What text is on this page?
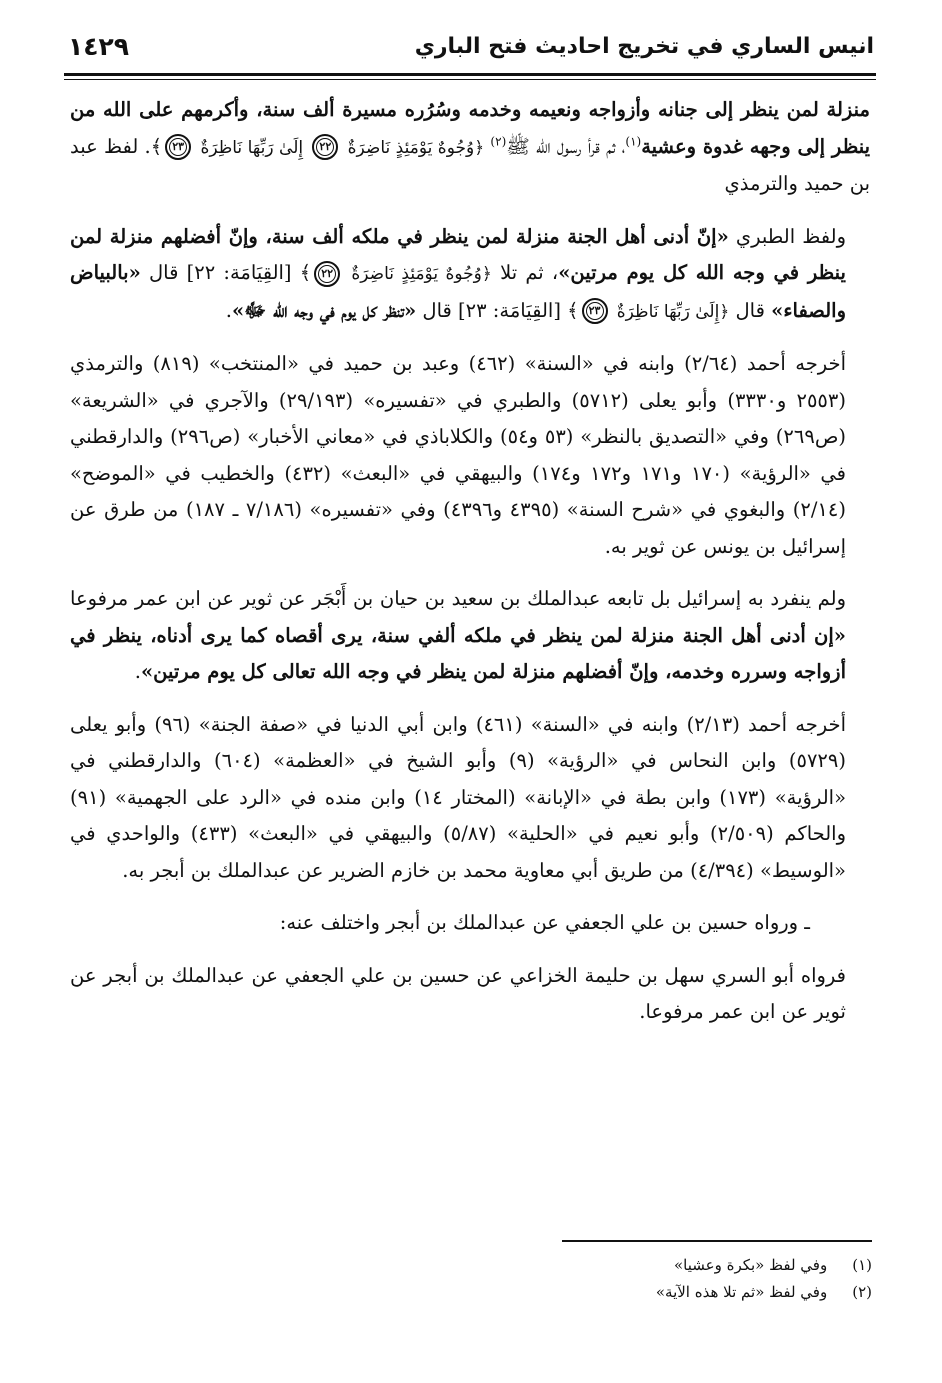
انيس الساري في تخريج احاديث فتح الباري
١٤٢٩

منزلة لمن ينظر إلى جنانه وأزواجه ونعيمه وخدمه وسُرُره مسيرة ألف سنة، وأكرمهم على الله من ينظر إلى وجهه غدوة وعشية$^{(١)}$، ثم قرأ رسول الله ﷺ$^{(٢)}$ ﴿وُجُوهٌ يَوْمَئِذٍ نَاضِرَةٌ ٢٢ إِلَىٰ رَبِّهَا نَاظِرَةٌ ٢٣﴾. لفظ عبد بن حميد والترمذي

ولفظ الطبري «إنّ أدنى أهل الجنة منزلة لمن ينظر في ملكه ألف سنة، وإنّ أفضلهم منزلة لمن ينظر في وجه الله كل يوم مرتين»، ثم تلا ﴿وُجُوهٌ يَوْمَئِذٍ نَاضِرَةٌ ٢٢﴾ [القِيَامَة: ٢٢] قال «بالبياض والصفاء» قال ﴿إِلَىٰ رَبِّهَا نَاظِرَةٌ ٢٣﴾ [القِيَامَة: ٢٣] قال «تنظر كل يوم في وجه الله ﷻ».

أخرجه أحمد (٢/٦٤) وابنه في «السنة» (٤٦٢) وعبد بن حميد في «المنتخب» (٨١٩) والترمذي (٢٥٥٣ و٣٣٣٠) وأبو يعلى (٥٧١٢) والطبري في «تفسيره» (٢٩/١٩٣) والآجري في «الشريعة» (ص٢٦٩) وفي «التصديق بالنظر» (٥٣ و٥٤) والكلاباذي في «معاني الأخبار» (ص٢٩٦) والدارقطني في «الرؤية» (١٧٠ و١٧١ و١٧٢ و١٧٤) والبيهقي في «البعث» (٤٣٢) والخطيب في «الموضح» (٢/١٤) والبغوي في «شرح السنة» (٤٣٩٥ و٤٣٩٦) وفي «تفسيره» (٧/١٨٦ ـ ١٨٧) من طرق عن إسرائيل بن يونس عن ثوير به.

ولم ينفرد به إسرائيل بل تابعه عبدالملك بن سعيد بن حيان بن أَبْجَر عن ثوير عن ابن عمر مرفوعا «إن أدنى أهل الجنة منزلة لمن ينظر في ملكه ألفي سنة، يرى أقصاه كما يرى أدناه، ينظر في أزواجه وسرره وخدمه، وإنّ أفضلهم منزلة لمن ينظر في وجه الله تعالى كل يوم مرتين».

أخرجه أحمد (٢/١٣) وابنه في «السنة» (٤٦١) وابن أبي الدنيا في «صفة الجنة» (٩٦) وأبو يعلى (٥٧٢٩) وابن النحاس في «الرؤية» (٩) وأبو الشيخ في «العظمة» (٦٠٤) والدارقطني في «الرؤية» (١٧٣) وابن بطة في «الإبانة» (المختار ١٤) وابن منده في «الرد على الجهمية» (٩١) والحاكم (٢/٥٠٩) وأبو نعيم في «الحلية» (٥/٨٧) والبيهقي في «البعث» (٤٣٣) والواحدي في «الوسيط» (٤/٣٩٤) من طريق أبي معاوية محمد بن خازم الضرير عن عبدالملك بن أبجر به.

ـ ورواه حسين بن علي الجعفي عن عبدالملك بن أبجر واختلف عنه:

فرواه أبو السري سهل بن حليمة الخزاعي عن حسين بن علي الجعفي عن عبدالملك بن أبجر عن ثوير عن ابن عمر مرفوعا.

(١) وفي لفظ «بكرة وعشيا»
(٢) وفي لفظ «ثم تلا هذه الآية»
